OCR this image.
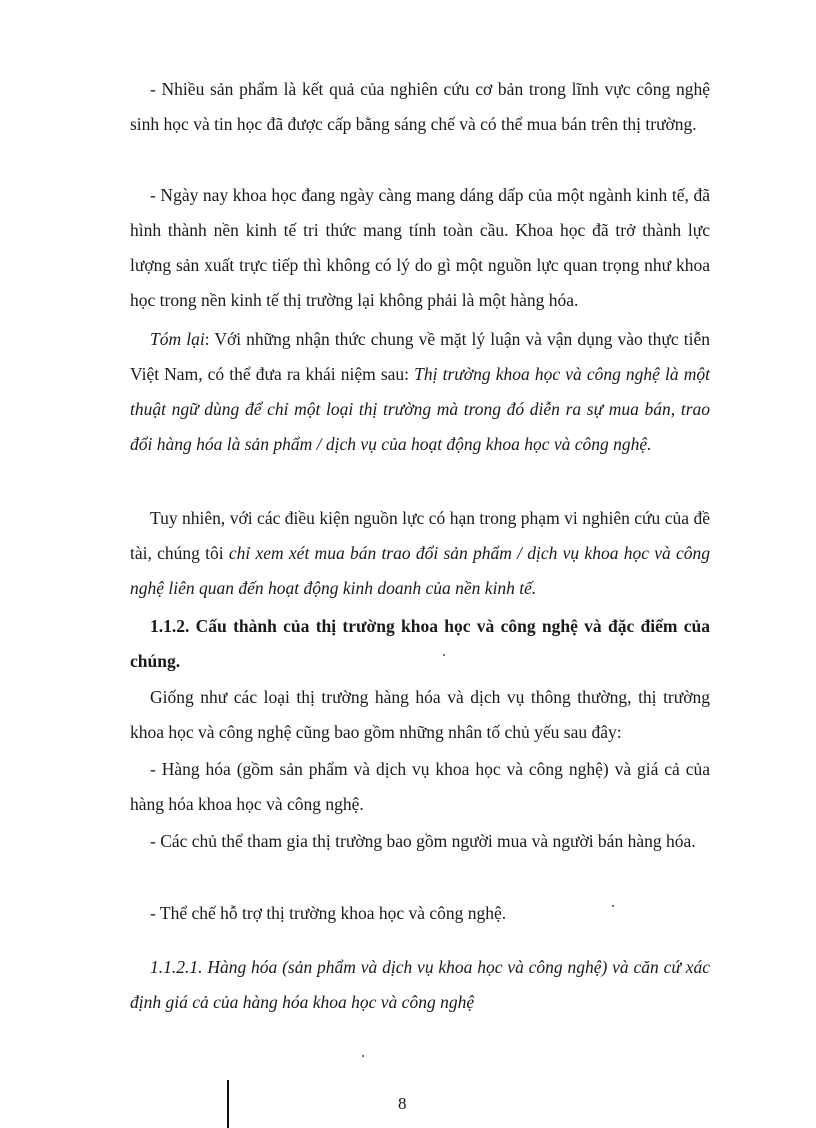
- Nhiều sản phẩm là kết quả của nghiên cứu cơ bản trong lĩnh vực công nghệ sinh học và tin học đã được cấp bằng sáng chế và có thể mua bán trên thị trường.

- Ngày nay khoa học đang ngày càng mang dáng dấp của một ngành kinh tế, đã hình thành nền kinh tế tri thức mang tính toàn cầu. Khoa học đã trở thành lực lượng sản xuất trực tiếp thì không có lý do gì một nguồn lực quan trọng như khoa học trong nền kinh tế thị trường lại không phải là một hàng hóa.

Tóm lại: Với những nhận thức chung về mặt lý luận và vận dụng vào thực tiễn Việt Nam, có thể đưa ra khái niệm sau: Thị trường khoa học và công nghệ là một thuật ngữ dùng để chỉ một loại thị trường mà trong đó diễn ra sự mua bán, trao đổi hàng hóa là sản phẩm / dịch vụ của hoạt động khoa học và công nghệ.

Tuy nhiên, với các điều kiện nguồn lực có hạn trong phạm vi nghiên cứu của đề tài, chúng tôi chỉ xem xét mua bán trao đổi sản phẩm / dịch vụ khoa học và công nghệ liên quan đến hoạt động kinh doanh của nền kinh tế.

1.1.2. Cấu thành của thị trường khoa học và công nghệ và đặc điểm của chúng.

Giống như các loại thị trường hàng hóa và dịch vụ thông thường, thị trường khoa học và công nghệ cũng bao gồm những nhân tố chủ yếu sau đây:

- Hàng hóa (gồm sản phẩm và dịch vụ khoa học và công nghệ) và giá cả của hàng hóa khoa học và công nghệ.

- Các chủ thể tham gia thị trường bao gồm người mua và người bán hàng hóa.

- Thể chế hỗ trợ thị trường khoa học và công nghệ.

1.1.2.1. Hàng hóa (sản phẩm và dịch vụ khoa học và công nghệ) và căn cứ xác định giá cả của hàng hóa khoa học và công nghệ

8
